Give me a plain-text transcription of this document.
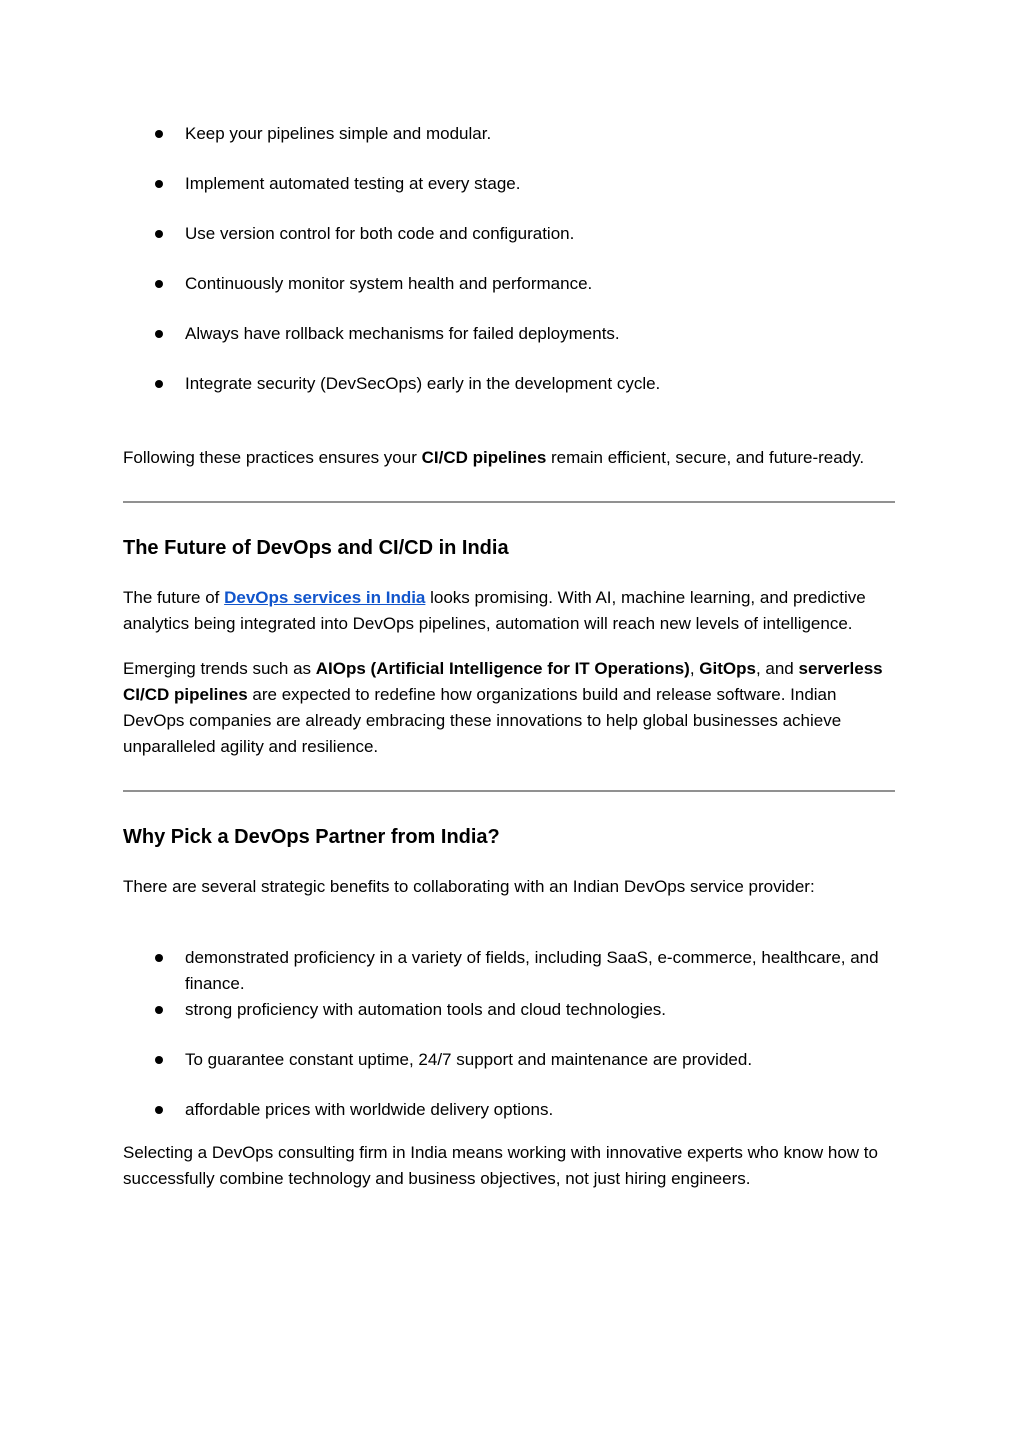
Keep your pipelines simple and modular.
Implement automated testing at every stage.
Use version control for both code and configuration.
Continuously monitor system health and performance.
Always have rollback mechanisms for failed deployments.
Integrate security (DevSecOps) early in the development cycle.

Following these practices ensures your CI/CD pipelines remain efficient, secure, and future-ready.

The Future of DevOps and CI/CD in India

The future of DevOps services in India looks promising. With AI, machine learning, and predictive analytics being integrated into DevOps pipelines, automation will reach new levels of intelligence.

Emerging trends such as AIOps (Artificial Intelligence for IT Operations), GitOps, and serverless CI/CD pipelines are expected to redefine how organizations build and release software. Indian DevOps companies are already embracing these innovations to help global businesses achieve unparalleled agility and resilience.

Why Pick a DevOps Partner from India?

There are several strategic benefits to collaborating with an Indian DevOps service provider:

demonstrated proficiency in a variety of fields, including SaaS, e-commerce, healthcare, and finance.
strong proficiency with automation tools and cloud technologies.
To guarantee constant uptime, 24/7 support and maintenance are provided.
affordable prices with worldwide delivery options.

Selecting a DevOps consulting firm in India means working with innovative experts who know how to successfully combine technology and business objectives, not just hiring engineers.
